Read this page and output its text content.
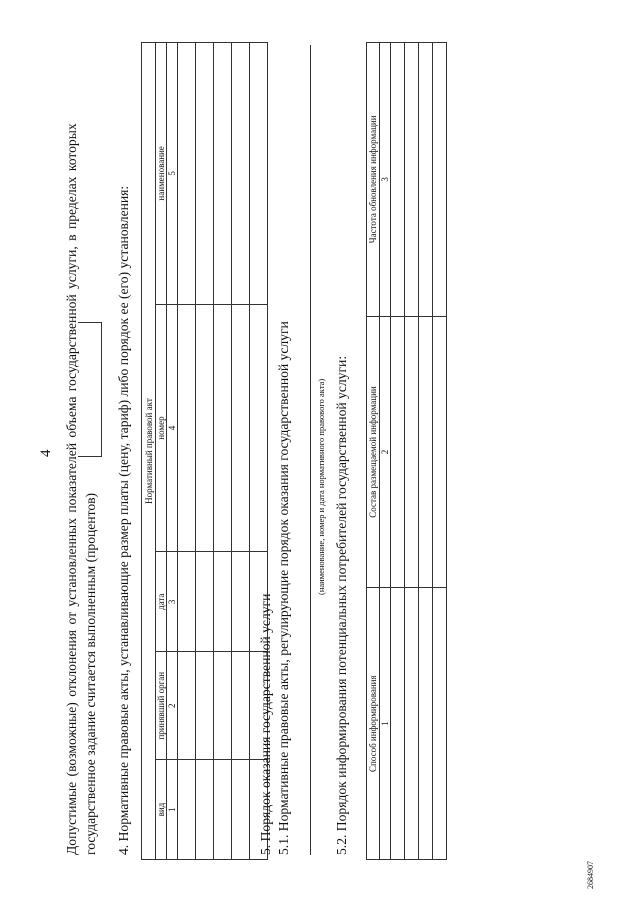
4 Допустимые (возможные) отклонения от установленных показателей объема государственной услуги, в пределах которых государственное задание считается выполненным (процентов) 4. Нормативные правовые акты, устанавливающие размер платы (цену, тариф) либо порядок ее (его) установления: Нормативный правовой акт				
вид	принявший орган	дата	номер	наименование
1	2	3	4	5

5. Порядок оказания государственной услуги 5.1. Нормативные правовые акты, регулирующие порядок оказания государственной услуги	(наименование, номер и дата нормативного правового акта) 5.2. Порядок информирования потенциальных потребителей государственной услуги: Способ информирования	Состав размещаемой информации	Частота обновления информации
1	2	3

2684907
